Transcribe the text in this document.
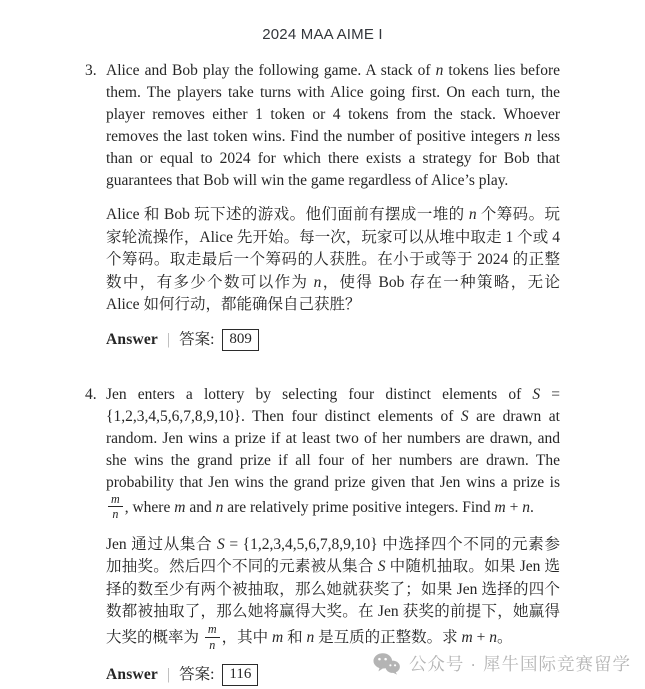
2024 MAA AIME I
3. Alice and Bob play the following game. A stack of n tokens lies before them. The players take turns with Alice going first. On each turn, the player removes either 1 token or 4 tokens from the stack. Whoever removes the last token wins. Find the number of positive integers n less than or equal to 2024 for which there exists a strategy for Bob that guarantees that Bob will win the game regardless of Alice’s play.

Alice 和 Bob 玩下述的游戏。他们面前有摆成一堆的 n 个筹码。玩家轮流操作，Alice 先开始。每一次，玩家可以从堆中取走 1 个或 4 个筹码。取走最后一个筹码的人获胜。在小于或等于 2024 的正整数中，有多少个数可以作为 n，使得 Bob 存在一种策略，无论 Alice 如何行动，都能确保自己获胜？

Answer | 答案:	809
4. Jen enters a lottery by selecting four distinct elements of S = {1,2,3,4,5,6,7,8,9,10}. Then four distinct elements of S are drawn at random. Jen wins a prize if at least two of her numbers are drawn, and she wins the grand prize if all four of her numbers are drawn. The probability that Jen wins the grand prize given that Jen wins a prize is
$\frac{m}{n}$ , where m and n are relatively prime positive integers. Find m + n.

Jen 通过从集合 S = {1,2,3,4,5,6,7,8,9,10} 中选择四个不同的元素参加抽奖。然后四个不同的元素被从集合 S 中随机抽取。如果 Jen 选择的数至少有两个被抽取，那么她就获奖了；如果 Jen 选择的四个数都被抽取了，那么她将赢得大奖。在 Jen 获奖的前提下，她赢得大奖的概率为 $\frac{m}{n}$ ，其中 m 和 n 是互质的正整数。求 m + n。

Answer | 答案:	116
公众号 · 犀牛国际竞赛留学
